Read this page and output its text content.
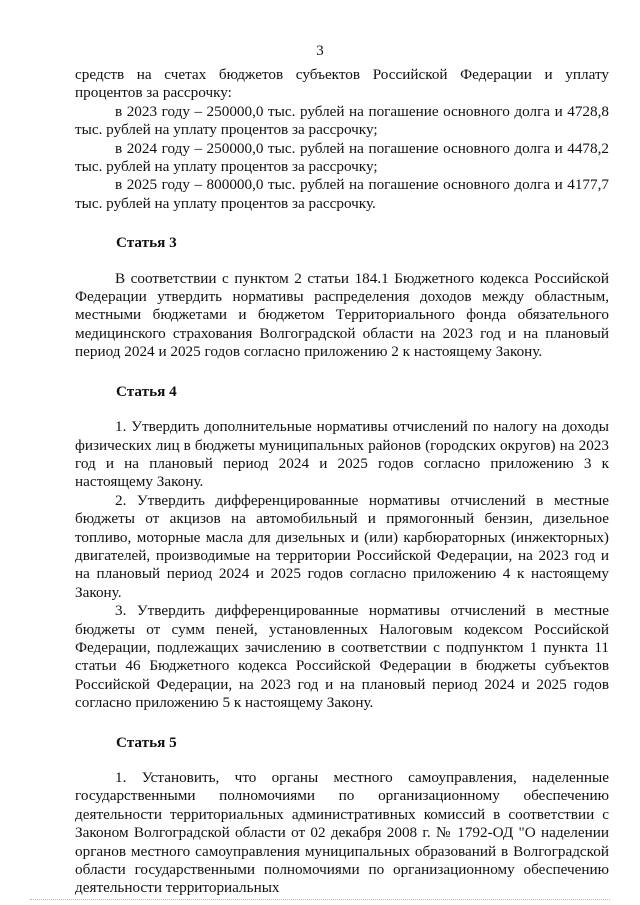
3

средств на счетах бюджетов субъектов Российской Федерации и уплату процентов за рассрочку:

в 2023 году – 250000,0 тыс. рублей на погашение основного долга и 4728,8 тыс. рублей на уплату процентов за рассрочку;

в 2024 году – 250000,0 тыс. рублей на погашение основного долга и 4478,2 тыс. рублей на уплату процентов за рассрочку;

в 2025 году – 800000,0 тыс. рублей на погашение основного долга и 4177,7 тыс. рублей на уплату процентов за рассрочку.

Статья 3

В соответствии с пунктом 2 статьи 184.1 Бюджетного кодекса Российской Федерации утвердить нормативы распределения доходов между областным, местными бюджетами и бюджетом Территориального фонда обязательного медицинского страхования Волгоградской области на 2023 год и на плановый период 2024 и 2025 годов согласно приложению 2 к настоящему Закону.

Статья 4

1. Утвердить дополнительные нормативы отчислений по налогу на доходы физических лиц в бюджеты муниципальных районов (городских округов) на 2023 год и на плановый период 2024 и 2025 годов согласно приложению 3 к настоящему Закону.

2. Утвердить дифференцированные нормативы отчислений в местные бюджеты от акцизов на автомобильный и прямогонный бензин, дизельное топливо, моторные масла для дизельных и (или) карбюраторных (инжекторных) двигателей, производимые на территории Российской Федерации, на 2023 год и на плановый период 2024 и 2025 годов согласно приложению 4 к настоящему Закону.

3. Утвердить дифференцированные нормативы отчислений в местные бюджеты от сумм пеней, установленных Налоговым кодексом Российской Федерации, подлежащих зачислению в соответствии с подпунктом 1 пункта 11 статьи 46 Бюджетного кодекса Российской Федерации в бюджеты субъектов Российской Федерации, на 2023 год и на плановый период 2024 и 2025 годов согласно приложению 5 к настоящему Закону.

Статья 5

1. Установить, что органы местного самоуправления, наделенные государственными полномочиями по организационному обеспечению деятельности территориальных административных комиссий в соответствии с Законом Волгоградской области от 02 декабря 2008 г. № 1792-ОД "О наделении органов местного самоуправления муниципальных образований в Волгоградской области государственными полномочиями по организационному обеспечению деятельности территориальных
